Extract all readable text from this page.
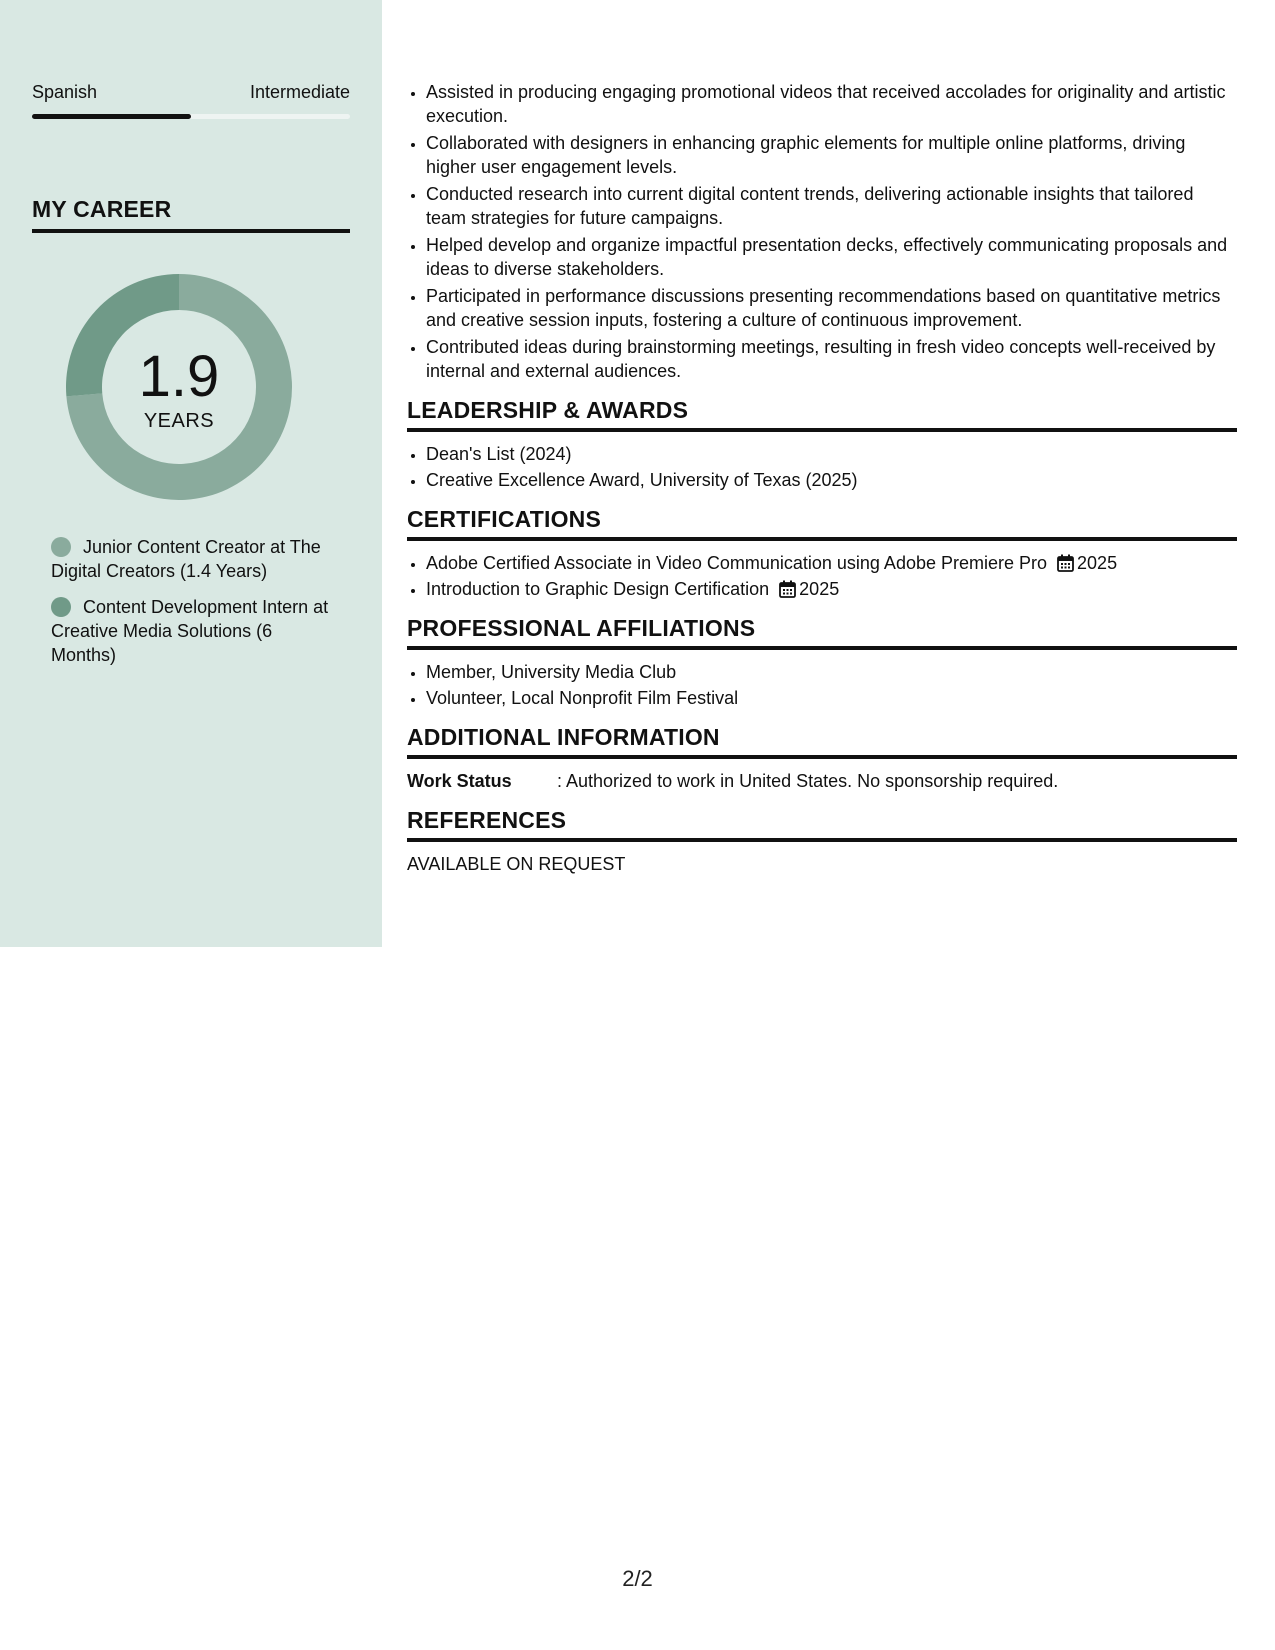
Spanish	Intermediate
MY CAREER
1.9
YEARS
Junior Content Creator at The Digital Creators (1.4 Years)
Content Development Intern at Creative Media Solutions (6 Months)
• Assisted in producing engaging promotional videos that received accolades for originality and artistic execution.
• Collaborated with designers in enhancing graphic elements for multiple online platforms, driving higher user engagement levels.
• Conducted research into current digital content trends, delivering actionable insights that tailored team strategies for future campaigns.
• Helped develop and organize impactful presentation decks, effectively communicating proposals and ideas to diverse stakeholders.
• Participated in performance discussions presenting recommendations based on quantitative metrics and creative session inputs, fostering a culture of continuous improvement.
• Contributed ideas during brainstorming meetings, resulting in fresh video concepts well-received by internal and external audiences.
LEADERSHIP & AWARDS
• Dean's List (2024)
• Creative Excellence Award, University of Texas (2025)
CERTIFICATIONS
• Adobe Certified Associate in Video Communication using Adobe Premiere Pro 2025
• Introduction to Graphic Design Certification 2025
PROFESSIONAL AFFILIATIONS
• Member, University Media Club
• Volunteer, Local Nonprofit Film Festival
ADDITIONAL INFORMATION
Work Status	: Authorized to work in United States. No sponsorship required.
REFERENCES
AVAILABLE ON REQUEST
2/2
